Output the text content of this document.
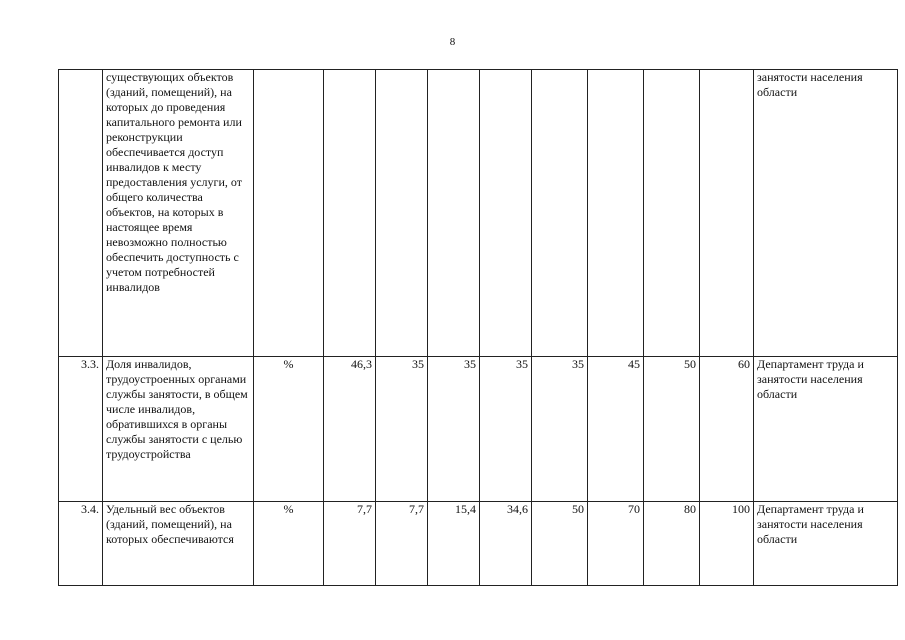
8

	существующих объектов (зданий, помещений), на которых до проведения капитального ремонта или реконструкции обеспечивается доступ инвалидов к месту предоставления услуги, от общего количества объектов, на которых в настоящее время невозможно полностью обеспечить доступность с учетом потребностей инвалидов										занятости населения области

3.3.	Доля инвалидов, трудоустроенных органами службы занятости, в общем числе инвалидов, обратившихся в органы службы занятости с целью трудоустройства	%	46,3	35	35	35	35	45	50	60	Департамент труда и занятости населения области

3.4.	Удельный вес объектов (зданий, помещений), на которых обеспечиваются	%	7,7	7,7	15,4	34,6	50	70	80	100	Департамент труда и занятости населения области
